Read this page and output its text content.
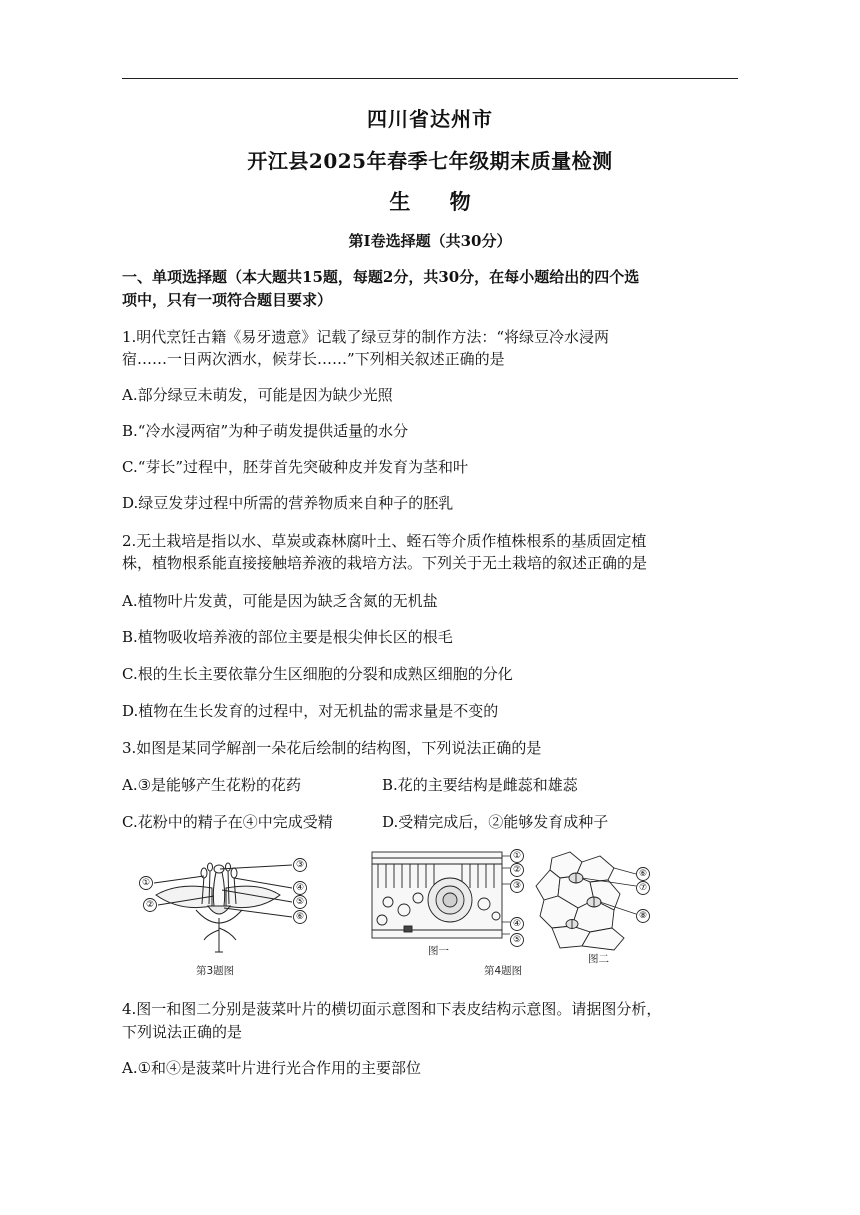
四川省达州市
开江县2025年春季七年级期末质量检测
生 物
第Ⅰ卷选择题（共30分）
一、单项选择题（本大题共15题，每题2分，共30分，在每小题给出的四个选
项中，只有一项符合题目要求）
1.明代烹饪古籍《易牙遗意》记载了绿豆芽的制作方法：“将绿豆冷水浸两
宿……一日两次洒水，候芽长……”下列相关叙述正确的是
A.部分绿豆未萌发，可能是因为缺少光照
B.“冷水浸两宿”为种子萌发提供适量的水分
C.“芽长”过程中，胚芽首先突破种皮并发育为茎和叶
D.绿豆发芽过程中所需的营养物质来自种子的胚乳
2.无土栽培是指以水、草炭或森林腐叶土、蛭石等介质作植株根系的基质固定植
株，植物根系能直接接触培养液的栽培方法。下列关于无土栽培的叙述正确的是
A.植物叶片发黄，可能是因为缺乏含氮的无机盐
B.植物吸收培养液的部位主要是根尖伸长区的根毛
C.根的生长主要依靠分生区细胞的分裂和成熟区细胞的分化
D.植物在生长发育的过程中，对无机盐的需求量是不变的
3.如图是某同学解剖一朵花后绘制的结构图，下列说法正确的是
A.③是能够产生花粉的花药	B.花的主要结构是雌蕊和雄蕊
C.花粉中的精子在④中完成受精	D.受精完成后，②能够发育成种子
①
②
③
④
⑤
⑥
第3题图
①
②
③
④
⑤
图一
⑥
⑦
⑧
图二
第4题图
4.图一和图二分别是菠菜叶片的横切面示意图和下表皮结构示意图。请据图分析，
下列说法正确的是
A.①和④是菠菜叶片进行光合作用的主要部位
